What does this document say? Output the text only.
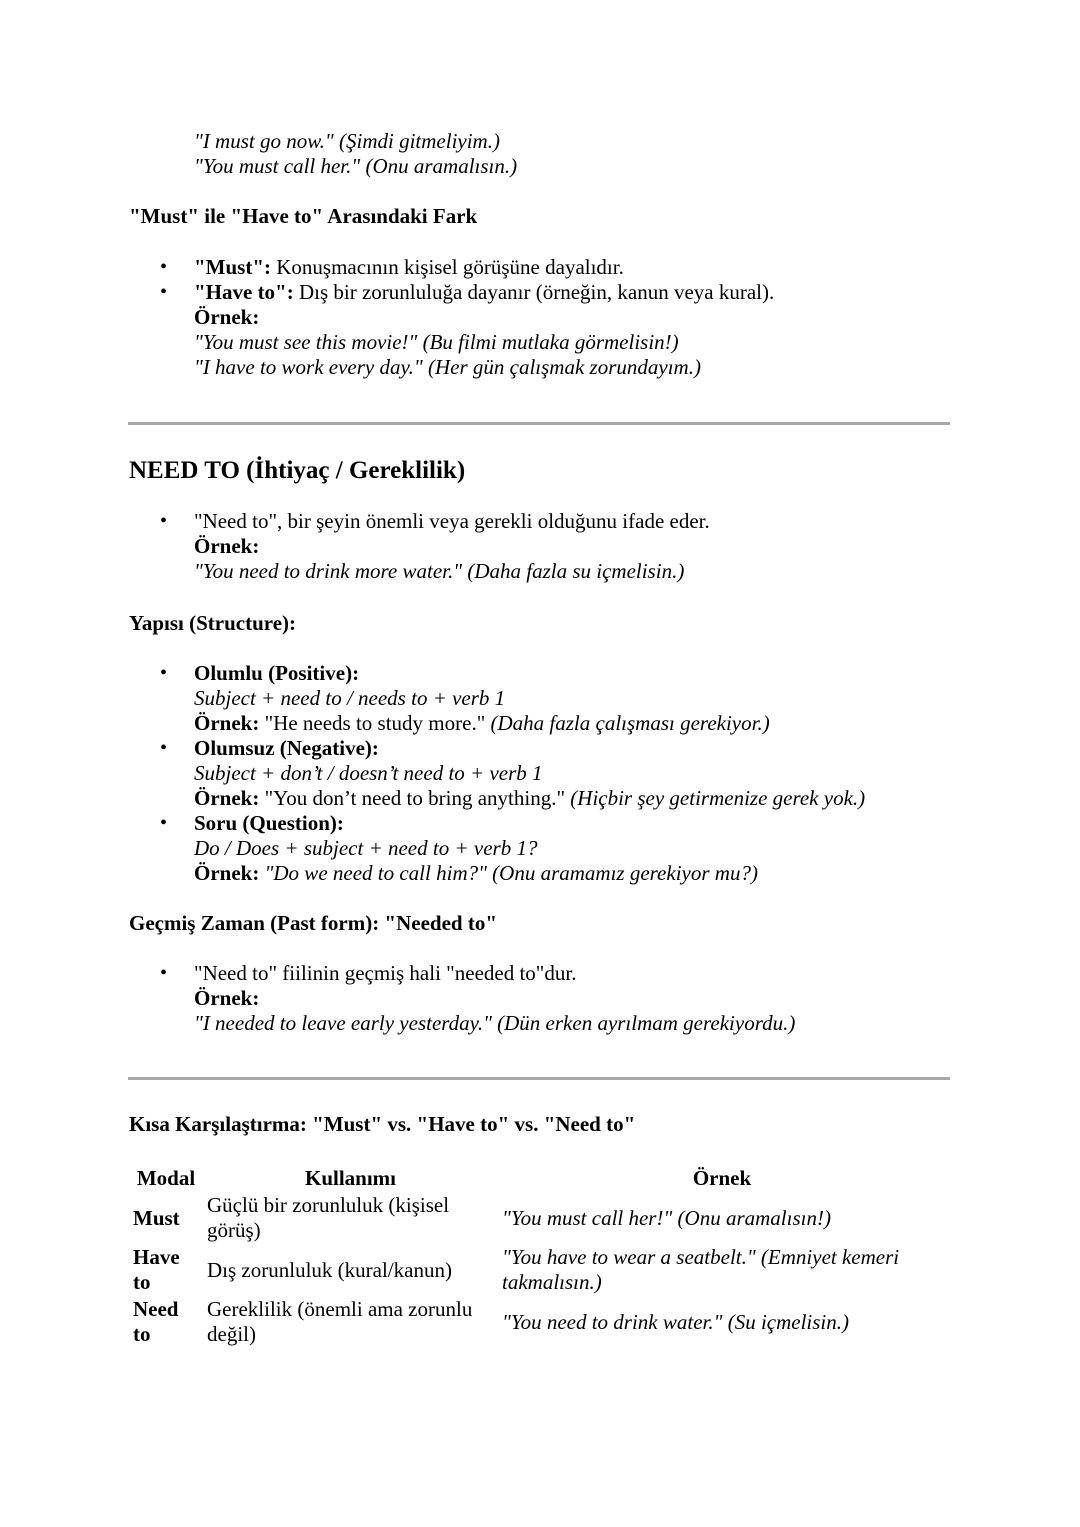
"I must go now." (Şimdi gitmeliyim.)
"You must call her." (Onu aramalısın.)
"Must" ile "Have to" Arasındaki Fark
• "Must": Konuşmacının kişisel görüşüne dayalıdır.
• "Have to": Dış bir zorunluluğa dayanır (örneğin, kanun veya kural).
Örnek:
"You must see this movie!" (Bu filmi mutlaka görmelisin!)
"I have to work every day." (Her gün çalışmak zorundayım.)
NEED TO (İhtiyaç / Gereklilik)
• "Need to", bir şeyin önemli veya gerekli olduğunu ifade eder.
Örnek:
"You need to drink more water." (Daha fazla su içmelisin.)
Yapısı (Structure):
• Olumlu (Positive):
Subject + need to / needs to + verb 1
Örnek: "He needs to study more." (Daha fazla çalışması gerekiyor.)
• Olumsuz (Negative):
Subject + don’t / doesn’t need to + verb 1
Örnek: "You don’t need to bring anything." (Hiçbir şey getirmenize gerek yok.)
• Soru (Question):
Do / Does + subject + need to + verb 1?
Örnek: "Do we need to call him?" (Onu aramamız gerekiyor mu?)
Geçmiş Zaman (Past form): "Needed to"
• "Need to" fiilinin geçmiş hali "needed to"dur.
Örnek:
"I needed to leave early yesterday." (Dün erken ayrılmam gerekiyordu.)
Kısa Karşılaştırma: "Must" vs. "Have to" vs. "Need to"
Modal	Kullanımı	Örnek
Must	Güçlü bir zorunluluk (kişisel görüş)	"You must call her!" (Onu aramalısın!)
Have to	Dış zorunluluk (kural/kanun)	"You have to wear a seatbelt." (Emniyet kemeri takmalısın.)
Need to	Gereklilik (önemli ama zorunlu değil)	"You need to drink water." (Su içmelisin.)
